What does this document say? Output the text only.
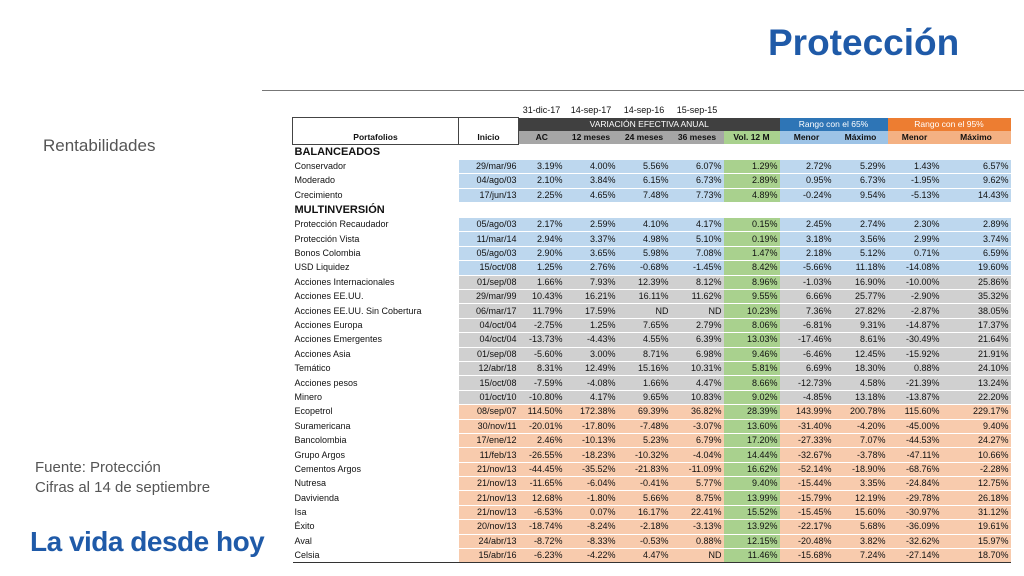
Protección
Rentabilidades
Fuente: Protección
Cifras al 14 de septiembre
La vida desde hoy
		31-dic-17	14-sep-17	14-sep-16	15-sep-15					
		VARIACIÓN EFECTIVA ANUAL					Rango con el 65%		Rango con el 95%	
Portafolios	Inicio	AC	12 meses	24 meses	36 meses	Vol. 12 M	Menor	Máximo	Menor	Máximo
BALANCEADOS										
Conservador	29/mar/96	3.19%	4.00%	5.56%	6.07%	1.29%	2.72%	5.29%	1.43%	6.57%
Moderado	04/ago/03	2.10%	3.84%	6.15%	6.73%	2.89%	0.95%	6.73%	-1.95%	9.62%
Crecimiento	17/jun/13	2.25%	4.65%	7.48%	7.73%	4.89%	-0.24%	9.54%	-5.13%	14.43%
MULTINVERSIÓN										
Protección Recaudador	05/ago/03	2.17%	2.59%	4.10%	4.17%	0.15%	2.45%	2.74%	2.30%	2.89%
Protección Vista	11/mar/14	2.94%	3.37%	4.98%	5.10%	0.19%	3.18%	3.56%	2.99%	3.74%
Bonos Colombia	05/ago/03	2.90%	3.65%	5.98%	7.08%	1.47%	2.18%	5.12%	0.71%	6.59%
USD Liquidez	15/oct/08	1.25%	2.76%	-0.68%	-1.45%	8.42%	-5.66%	11.18%	-14.08%	19.60%
Acciones Internacionales	01/sep/08	1.66%	7.93%	12.39%	8.12%	8.96%	-1.03%	16.90%	-10.00%	25.86%
Acciones EE.UU.	29/mar/99	10.43%	16.21%	16.11%	11.62%	9.55%	6.66%	25.77%	-2.90%	35.32%
Acciones EE.UU. Sin Cobertura	06/mar/17	11.79%	17.59%	ND	ND	10.23%	7.36%	27.82%	-2.87%	38.05%
Acciones Europa	04/oct/04	-2.75%	1.25%	7.65%	2.79%	8.06%	-6.81%	9.31%	-14.87%	17.37%
Acciones Emergentes	04/oct/04	-13.73%	-4.43%	4.55%	6.39%	13.03%	-17.46%	8.61%	-30.49%	21.64%
Acciones Asia	01/sep/08	-5.60%	3.00%	8.71%	6.98%	9.46%	-6.46%	12.45%	-15.92%	21.91%
Temático	12/abr/18	8.31%	12.49%	15.16%	10.31%	5.81%	6.69%	18.30%	0.88%	24.10%
Acciones pesos	15/oct/08	-7.59%	-4.08%	1.66%	4.47%	8.66%	-12.73%	4.58%	-21.39%	13.24%
Minero	01/oct/10	-10.80%	4.17%	9.65%	10.83%	9.02%	-4.85%	13.18%	-13.87%	22.20%
Ecopetrol	08/sep/07	114.50%	172.38%	69.39%	36.82%	28.39%	143.99%	200.78%	115.60%	229.17%
Suramericana	30/nov/11	-20.01%	-17.80%	-7.48%	-3.07%	13.60%	-31.40%	-4.20%	-45.00%	9.40%
Bancolombia	17/ene/12	2.46%	-10.13%	5.23%	6.79%	17.20%	-27.33%	7.07%	-44.53%	24.27%
Grupo Argos	11/feb/13	-26.55%	-18.23%	-10.32%	-4.04%	14.44%	-32.67%	-3.78%	-47.11%	10.66%
Cementos Argos	21/nov/13	-44.45%	-35.52%	-21.83%	-11.09%	16.62%	-52.14%	-18.90%	-68.76%	-2.28%
Nutresa	21/nov/13	-11.65%	-6.04%	-0.41%	5.77%	9.40%	-15.44%	3.35%	-24.84%	12.75%
Davivienda	21/nov/13	12.68%	-1.80%	5.66%	8.75%	13.99%	-15.79%	12.19%	-29.78%	26.18%
Isa	21/nov/13	-6.53%	0.07%	16.17%	22.41%	15.52%	-15.45%	15.60%	-30.97%	31.12%
Éxito	20/nov/13	-18.74%	-8.24%	-2.18%	-3.13%	13.92%	-22.17%	5.68%	-36.09%	19.61%
Aval	24/abr/13	-8.72%	-8.33%	-0.53%	0.88%	12.15%	-20.48%	3.82%	-32.62%	15.97%
Celsia	15/abr/16	-6.23%	-4.22%	4.47%	ND	11.46%	-15.68%	7.24%	-27.14%	18.70%
